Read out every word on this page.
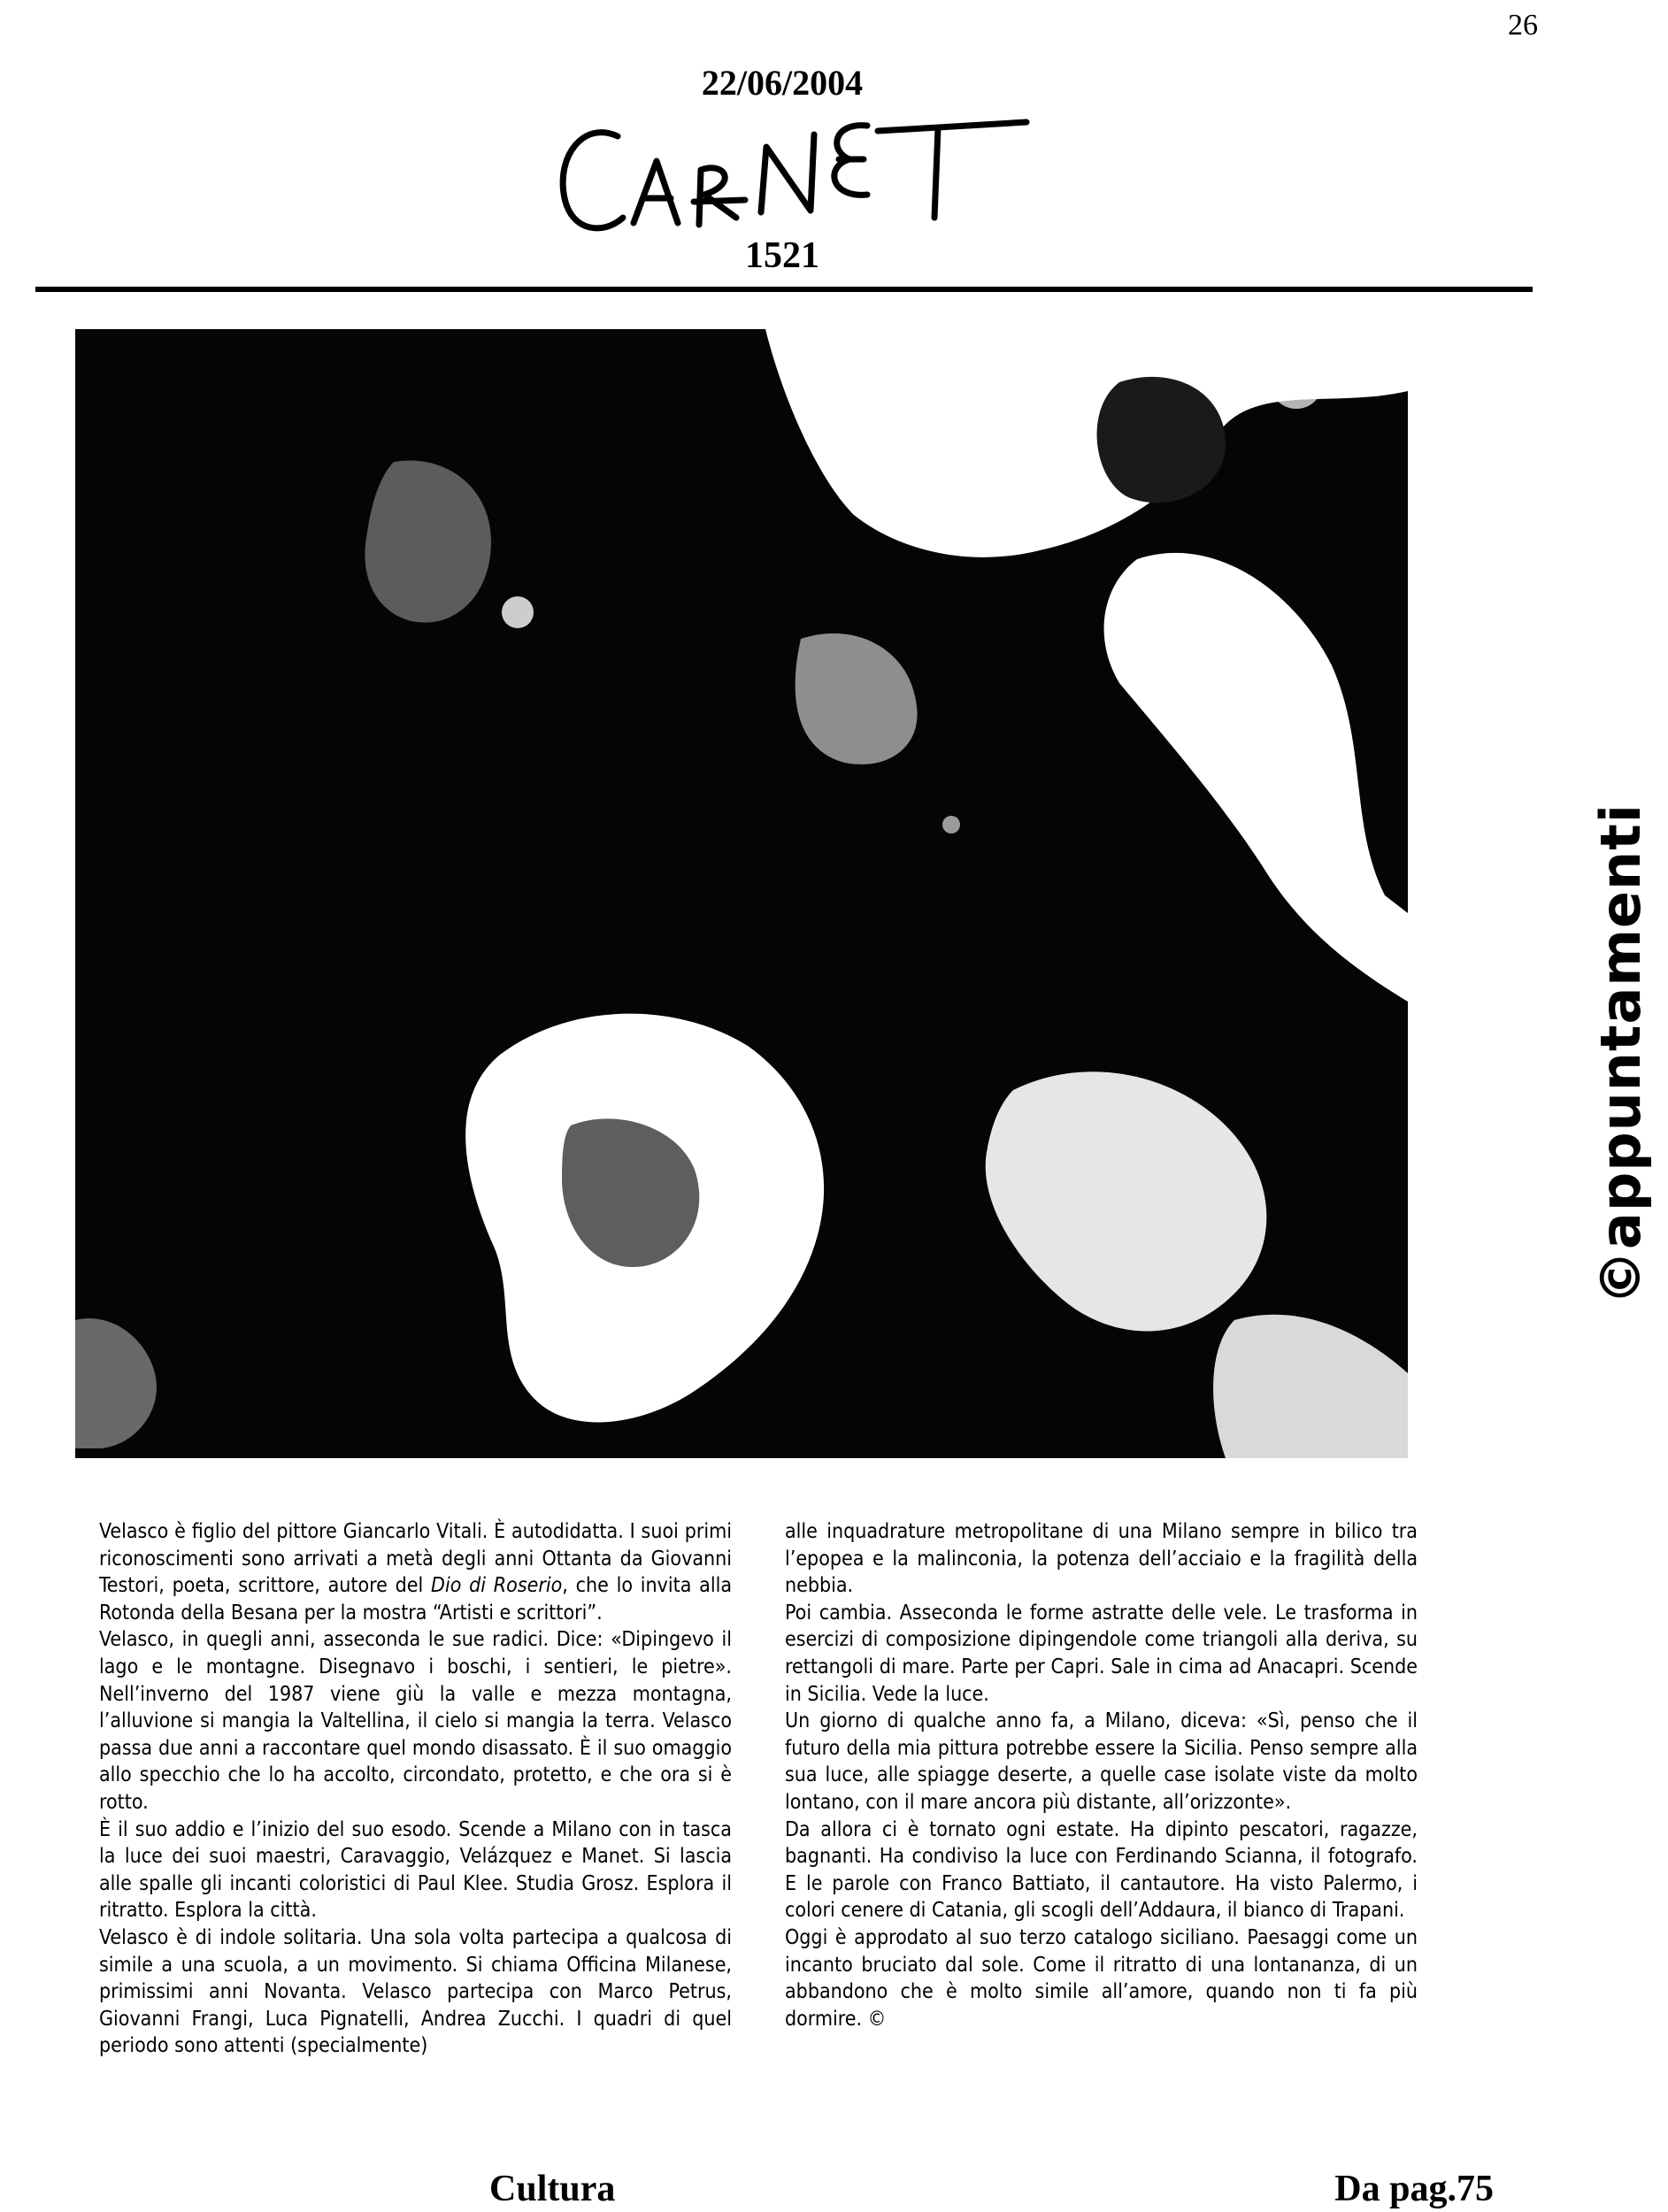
26
22/06/2004
1521
©appuntamenti

Velasco è figlio del pittore Giancarlo Vitali. È autodidatta. I suoi primi riconoscimenti sono arrivati a metà degli anni Ottanta da Giovanni Testori, poeta, scrittore, autore del Dio di Roserio, che lo invita alla Rotonda della Besana per la mostra “Artisti e scrittori”.

Velasco, in quegli anni, asseconda le sue radici. Dice: «Dipingevo il lago e le montagne. Disegnavo i boschi, i sentieri, le pietre». Nell’inverno del 1987 viene giù la valle e mezza montagna, l’alluvione si mangia la Valtellina, il cielo si mangia la terra. Velasco passa due anni a raccontare quel mondo disassato. È il suo omaggio allo specchio che lo ha accolto, circondato, protetto, e che ora si è rotto.

È il suo addio e l’inizio del suo esodo. Scende a Milano con in tasca la luce dei suoi maestri, Caravaggio, Velázquez e Manet. Si lascia alle spalle gli incanti coloristici di Paul Klee. Studia Grosz. Esplora il ritratto. Esplora la città.

Velasco è di indole solitaria. Una sola volta partecipa a qualcosa di simile a una scuola, a un movimento. Si chiama Officina Milanese, primissimi anni Novanta. Velasco partecipa con Marco Petrus, Giovanni Frangi, Luca Pignatelli, Andrea Zucchi. I quadri di quel periodo sono attenti (specialmente)

alle inquadrature metropolitane di una Milano sempre in bilico tra l’epopea e la malinconia, la potenza dell’acciaio e la fragilità della nebbia.

Poi cambia. Asseconda le forme astratte delle vele. Le trasforma in esercizi di composizione dipingendole come triangoli alla deriva, su rettangoli di mare. Parte per Capri. Sale in cima ad Anacapri. Scende in Sicilia. Vede la luce.

Un giorno di qualche anno fa, a Milano, diceva: «Sì, penso che il futuro della mia pittura potrebbe essere la Sicilia. Penso sempre alla sua luce, alle spiagge deserte, a quelle case isolate viste da molto lontano, con il mare ancora più distante, all’orizzonte».

Da allora ci è tornato ogni estate. Ha dipinto pescatori, ragazze, bagnanti. Ha condiviso la luce con Ferdinando Scianna, il fotografo. E le parole con Franco Battiato, il cantautore. Ha visto Palermo, i colori cenere di Catania, gli scogli dell’Addaura, il bianco di Trapani.

Oggi è approdato al suo terzo catalogo siciliano. Paesaggi come un incanto bruciato dal sole. Come il ritratto di una lontananza, di un abbandono che è molto simile all’amore, quando non ti fa più dormire. ©

Cultura	Da pag.75
